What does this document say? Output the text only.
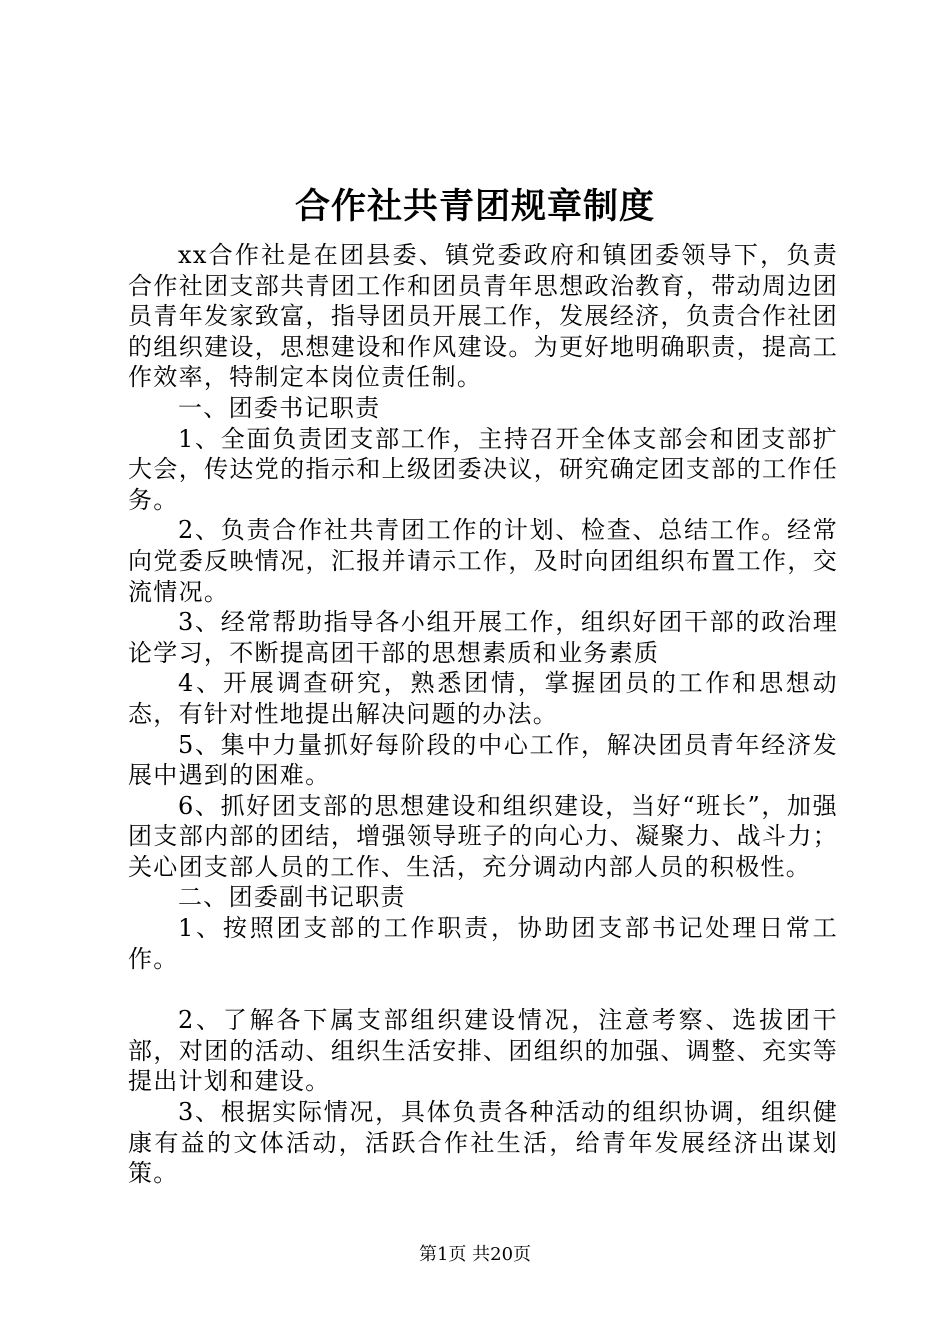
合作社共青团规章制度

xx合作社是在团县委、镇党委政府和镇团委领导下，负责合作社团支部共青团工作和团员青年思想政治教育，带动周边团员青年发家致富，指导团员开展工作，发展经济，负责合作社团的组织建设，思想建设和作风建设。为更好地明确职责，提高工作效率，特制定本岗位责任制。

一、团委书记职责

1、全面负责团支部工作，主持召开全体支部会和团支部扩大会，传达党的指示和上级团委决议，研究确定团支部的工作任务。

2、负责合作社共青团工作的计划、检查、总结工作。经常向党委反映情况，汇报并请示工作，及时向团组织布置工作，交流情况。

3、经常帮助指导各小组开展工作，组织好团干部的政治理论学习，不断提高团干部的思想素质和业务素质

4、开展调查研究，熟悉团情，掌握团员的工作和思想动态，有针对性地提出解决问题的办法。

5、集中力量抓好每阶段的中心工作，解决团员青年经济发展中遇到的困难。

6、抓好团支部的思想建设和组织建设，当好“班长”，加强团支部内部的团结，增强领导班子的向心力、凝聚力、战斗力；关心团支部人员的工作、生活，充分调动内部人员的积极性。

二、团委副书记职责

1、按照团支部的工作职责，协助团支部书记处理日常工作。

2、了解各下属支部组织建设情况，注意考察、选拔团干部，对团的活动、组织生活安排、团组织的加强、调整、充实等提出计划和建设。

3、根据实际情况，具体负责各种活动的组织协调，组织健康有益的文体活动，活跃合作社生活，给青年发展经济出谋划策。

第1页 共20页
